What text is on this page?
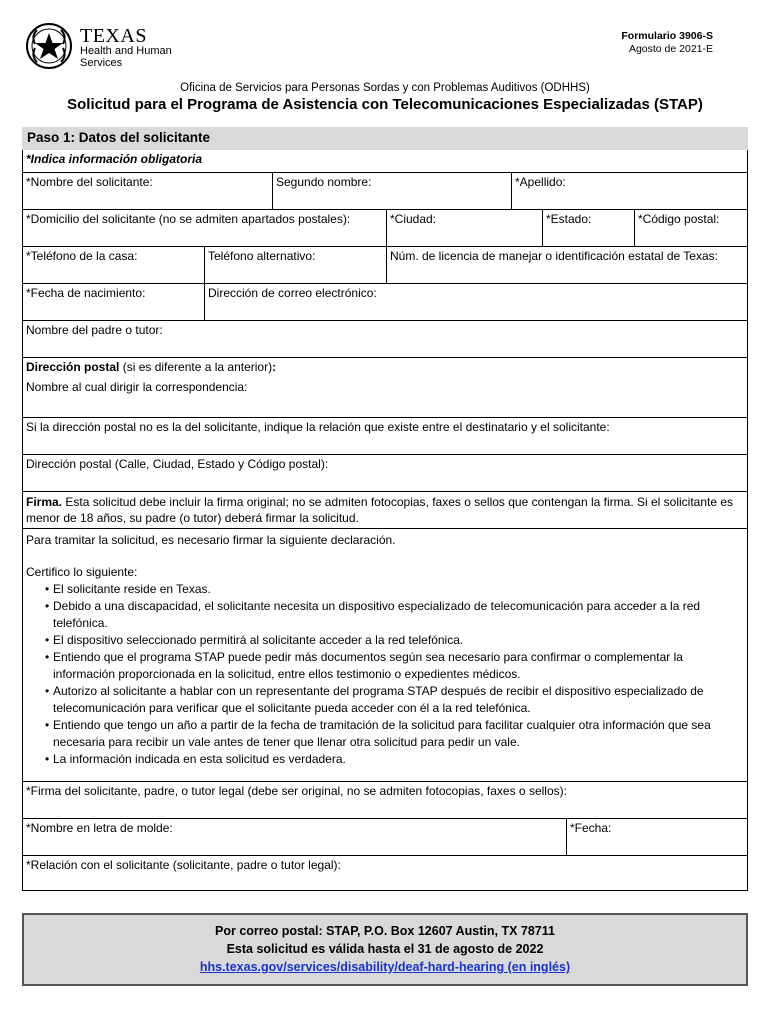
TEXAS
Health and Human
Services
Formulario 3906-S
Agosto de 2021-E
Oficina de Servicios para Personas Sordas y con Problemas Auditivos (ODHHS)
Solicitud para el Programa de Asistencia con Telecomunicaciones Especializadas (STAP)
Paso 1: Datos del solicitante
*Indica información obligatoria
*Nombre del solicitante:	Segundo nombre:	*Apellido:
*Domicilio del solicitante (no se admiten apartados postales):	*Ciudad:	*Estado:	*Código postal:
*Teléfono de la casa:	Teléfono alternativo:	Núm. de licencia de manejar o identificación estatal de Texas:
*Fecha de nacimiento:	Dirección de correo electrónico:
Nombre del padre o tutor:
Dirección postal (si es diferente a la anterior):
Nombre al cual dirigir la correspondencia:
Si la dirección postal no es la del solicitante, indique la relación que existe entre el destinatario y el solicitante:
Dirección postal (Calle, Ciudad, Estado y Código postal):
Firma. Esta solicitud debe incluir la firma original; no se admiten fotocopias, faxes o sellos que contengan la firma. Si el solicitante es menor de 18 años, su padre (o tutor) deberá firmar la solicitud.

Para tramitar la solicitud, es necesario firmar la siguiente declaración.

Certifico lo siguiente:

• El solicitante reside en Texas.
• Debido a una discapacidad, el solicitante necesita un dispositivo especializado de telecomunicación para acceder a la red telefónica.
• El dispositivo seleccionado permitirá al solicitante acceder a la red telefónica.
• Entiendo que el programa STAP puede pedir más documentos según sea necesario para confirmar o complementar la información proporcionada en la solicitud, entre ellos testimonio o expedientes médicos.
• Autorizo al solicitante a hablar con un representante del programa STAP después de recibir el dispositivo especializado de telecomunicación para verificar que el solicitante pueda acceder con él a la red telefónica.
• Entiendo que tengo un año a partir de la fecha de tramitación de la solicitud para facilitar cualquier otra información que sea necesaria para recibir un vale antes de tener que llenar otra solicitud para pedir un vale.
• La información indicada en esta solicitud es verdadera.
*Firma del solicitante, padre, o tutor legal (debe ser original, no se admiten fotocopias, faxes o sellos):
*Nombre en letra de molde:	*Fecha:
*Relación con el solicitante (solicitante, padre o tutor legal):
Por correo postal: STAP, P.O. Box 12607 Austin, TX 78711
Esta solicitud es válida hasta el 31 de agosto de 2022
hhs.texas.gov/services/disability/deaf-hard-hearing (en inglés)
